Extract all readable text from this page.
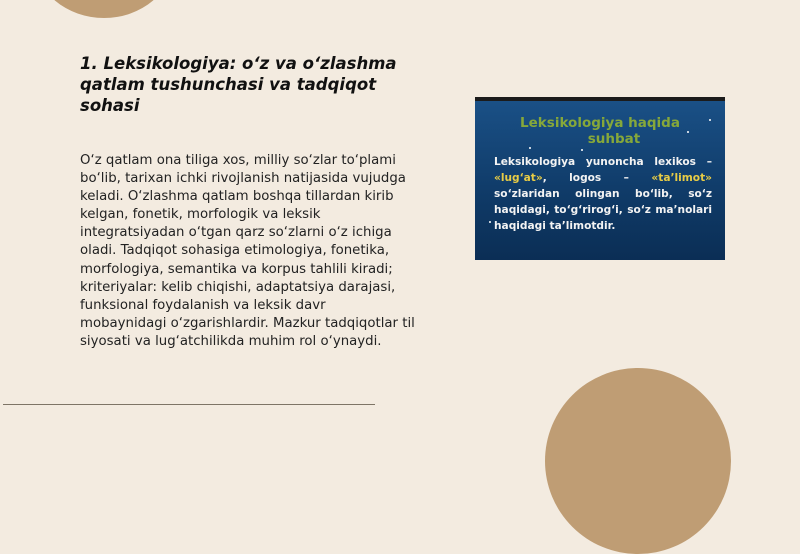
1. Leksikologiya: o‘z va o‘zlashma qatlam tushunchasi va tadqiqot sohasi

O‘z qatlam ona tiliga xos, milliy so‘zlar to‘plami bo‘lib, tarixan ichki rivojlanish natijasida vujudga keladi. O‘zlashma qatlam boshqa tillardan kirib kelgan, fonetik, morfologik va leksik integratsiyadan o‘tgan qarz so‘zlarni o‘z ichiga oladi. Tadqiqot sohasiga etimologiya, fonetika, morfologiya, semantika va korpus tahlili kiradi; kriteriyalar: kelib chiqishi, adaptatsiya darajasi, funksional foydalanish va leksik davr mobaynidagi o‘zgarishlardir. Mazkur tadqiqotlar til siyosati va lug‘atchilikda muhim rol o‘ynaydi.

Leksikologiya haqida
suhbat

Leksikologiya yunoncha lexikos – «lug‘at», logos – «ta’limot» so‘zlaridan olingan bo‘lib, so‘z haqidagi, to‘g‘rirog‘i, so‘z ma’nolari haqidagi ta’limotdir.
